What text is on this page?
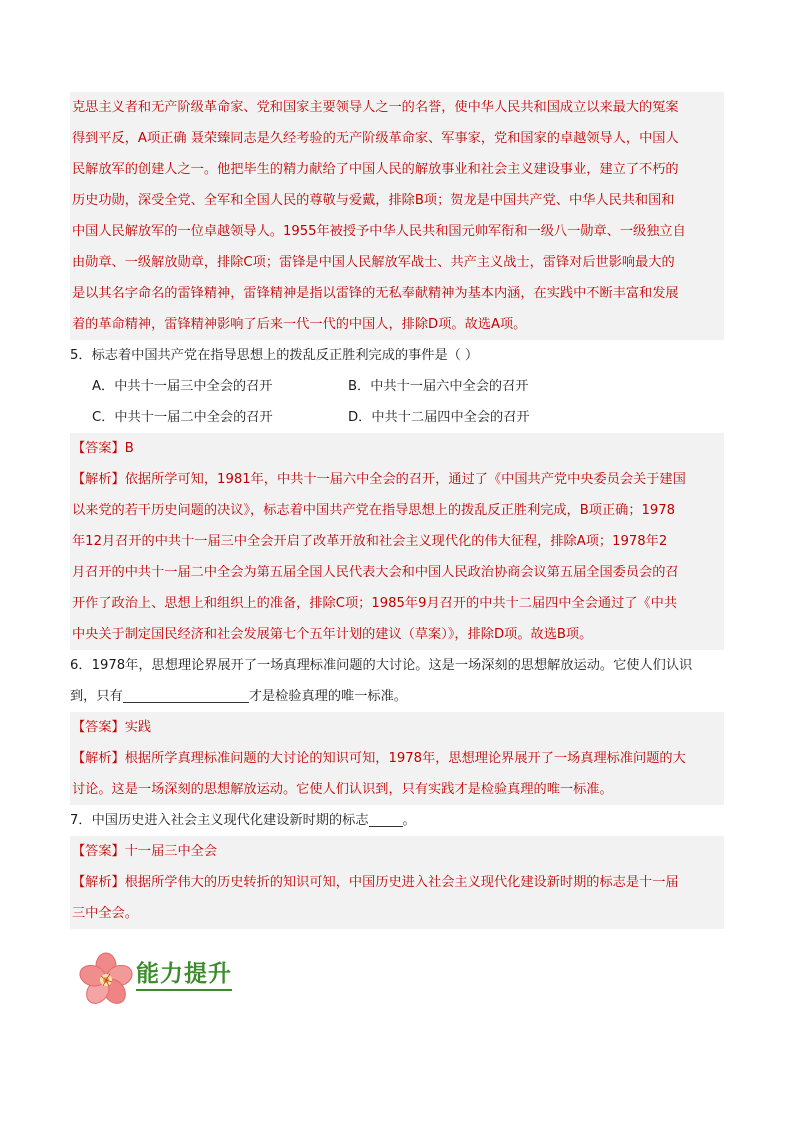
克思主义者和无产阶级革命家、党和国家主要领导人之一的名誉，使中华人民共和国成立以来最大的冤案
得到平反，A项正确 聂荣臻同志是久经考验的无产阶级革命家、军事家，党和国家的卓越领导人，中国人
民解放军的创建人之一。他把毕生的精力献给了中国人民的解放事业和社会主义建设事业，建立了不朽的
历史功勋，深受全党、全军和全国人民的尊敬与爱戴，排除B项；贺龙是中国共产党、中华人民共和国和
中国人民解放军的一位卓越领导人。1955年被授予中华人民共和国元帅军衔和一级八一勋章、一级独立自
由勋章、一级解放勋章，排除C项；雷锋是中国人民解放军战士、共产主义战士，雷锋对后世影响最大的
是以其名字命名的雷锋精神，雷锋精神是指以雷锋的无私奉献精神为基本内涵，在实践中不断丰富和发展
着的革命精神，雷锋精神影响了后来一代一代的中国人，排除D项。故选A项。
5．标志着中国共产党在指导思想上的拨乱反正胜利完成的事件是（ ）
A．中共十一届三中全会的召开	B．中共十一届六中全会的召开
C．中共十一届二中全会的召开	D．中共十二届四中全会的召开
【答案】B
【解析】依据所学可知，1981年，中共十一届六中全会的召开，通过了《中国共产党中央委员会关于建国
以来党的若干历史问题的决议》，标志着中国共产党在指导思想上的拨乱反正胜利完成，B项正确；1978
年12月召开的中共十一届三中全会开启了改革开放和社会主义现代化的伟大征程，排除A项；1978年2
月召开的中共十一届二中全会为第五届全国人民代表大会和中国人民政治协商会议第五届全国委员会的召
开作了政治上、思想上和组织上的准备，排除C项；1985年9月召开的中共十二届四中全会通过了《中共
中央关于制定国民经济和社会发展第七个五年计划的建议（草案）》，排除D项。故选B项。
6．1978年，思想理论界展开了一场真理标准问题的大讨论。这是一场深刻的思想解放运动。它使人们认识
到，只有	才是检验真理的唯一标准。
【答案】实践
【解析】根据所学真理标准问题的大讨论的知识可知，1978年，思想理论界展开了一场真理标准问题的大
讨论。这是一场深刻的思想解放运动。它使人们认识到，只有实践才是检验真理的唯一标准。
7．中国历史进入社会主义现代化建设新时期的标志	。
【答案】十一届三中全会
【解析】根据所学伟大的历史转折的知识可知，中国历史进入社会主义现代化建设新时期的标志是十一届
三中全会。
能力提升
